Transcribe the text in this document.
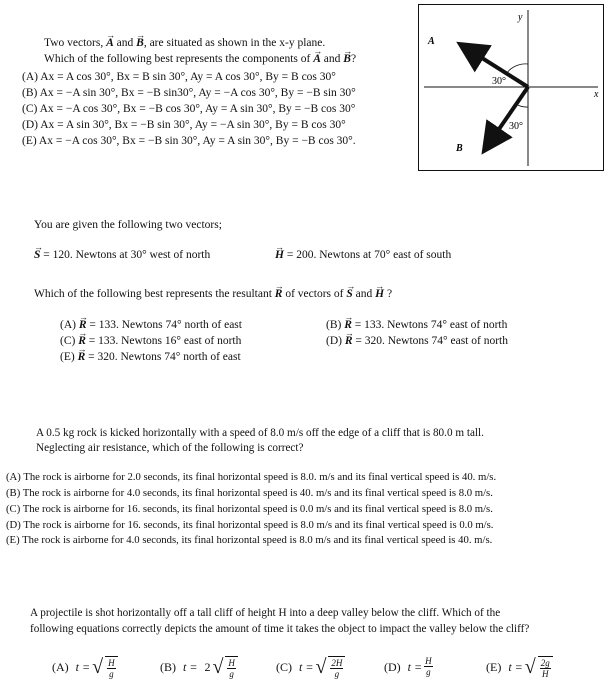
Two vectors, → A and → B, are situated as shown in the x-y plane.
Which of the following best represents the components of → A and → B?
(A) Ax = A cos 30°, Bx = B sin 30°, Ay = A cos 30°, By = B cos 30°
(B) Ax = −A sin 30°, Bx = −B sin30°, Ay = −A cos 30°, By = −B sin 30°
(C) Ax = −A cos 30°, Bx = −B cos 30°, Ay = A sin 30°, By = −B cos 30°
(D) Ax = A sin 30°, Bx = −B sin 30°, Ay = −A sin 30°, By = B cos 30°
(E) Ax = −A cos 30°, Bx = −B sin 30°, Ay = A sin 30°, By = −B cos 30°.
y
x
A
B
30°
30°
You are given the following two vectors;
→ S = 120. Newtons at 30° west of north	→ H = 200. Newtons at 70° east of south
Which of the following best represents the resultant → R of vectors of → S and → H ?
(A) → R = 133. Newtons 74° north of east	(B) → R = 133. Newtons 74° east of north
(C) → R = 133. Newtons 16° east of north	(D) → R = 320. Newtons 74° east of north
(E) → R = 320. Newtons 74° north of east
A 0.5 kg rock is kicked horizontally with a speed of 8.0 m/s off the edge of a cliff that is 80.0 m tall.
Neglecting air resistance, which of the following is correct?
(A) The rock is airborne for 2.0 seconds, its final horizontal speed is 8.0. m/s and its final vertical speed is 40. m/s.
(B) The rock is airborne for 4.0 seconds, its final horizontal speed is 40. m/s and its final vertical speed is 8.0 m/s.
(C) The rock is airborne for 16. seconds, its final horizontal speed is 0.0 m/s and its final vertical speed is 8.0 m/s.
(D) The rock is airborne for 16. seconds, its final horizontal speed is 8.0 m/s and its final vertical speed is 0.0 m/s.
(E) The rock is airborne for 4.0 seconds, its final horizontal speed is 8.0 m/s and its final vertical speed is 40. m/s.
A projectile is shot horizontally off a tall cliff of height H into a deep valley below the cliff. Which of the
following equations correctly depicts the amount of time it takes the object to impact the valley below the cliff?
(A)
t = √ $\frac{H}{g}$	(B)
t =
2 √ $\frac{H}{g}$	(C)
t = √ $\frac{2H}{g}$	(D)
$t = \frac{H}{g}$	(E)
t = √ $\frac{2g}{H}$
